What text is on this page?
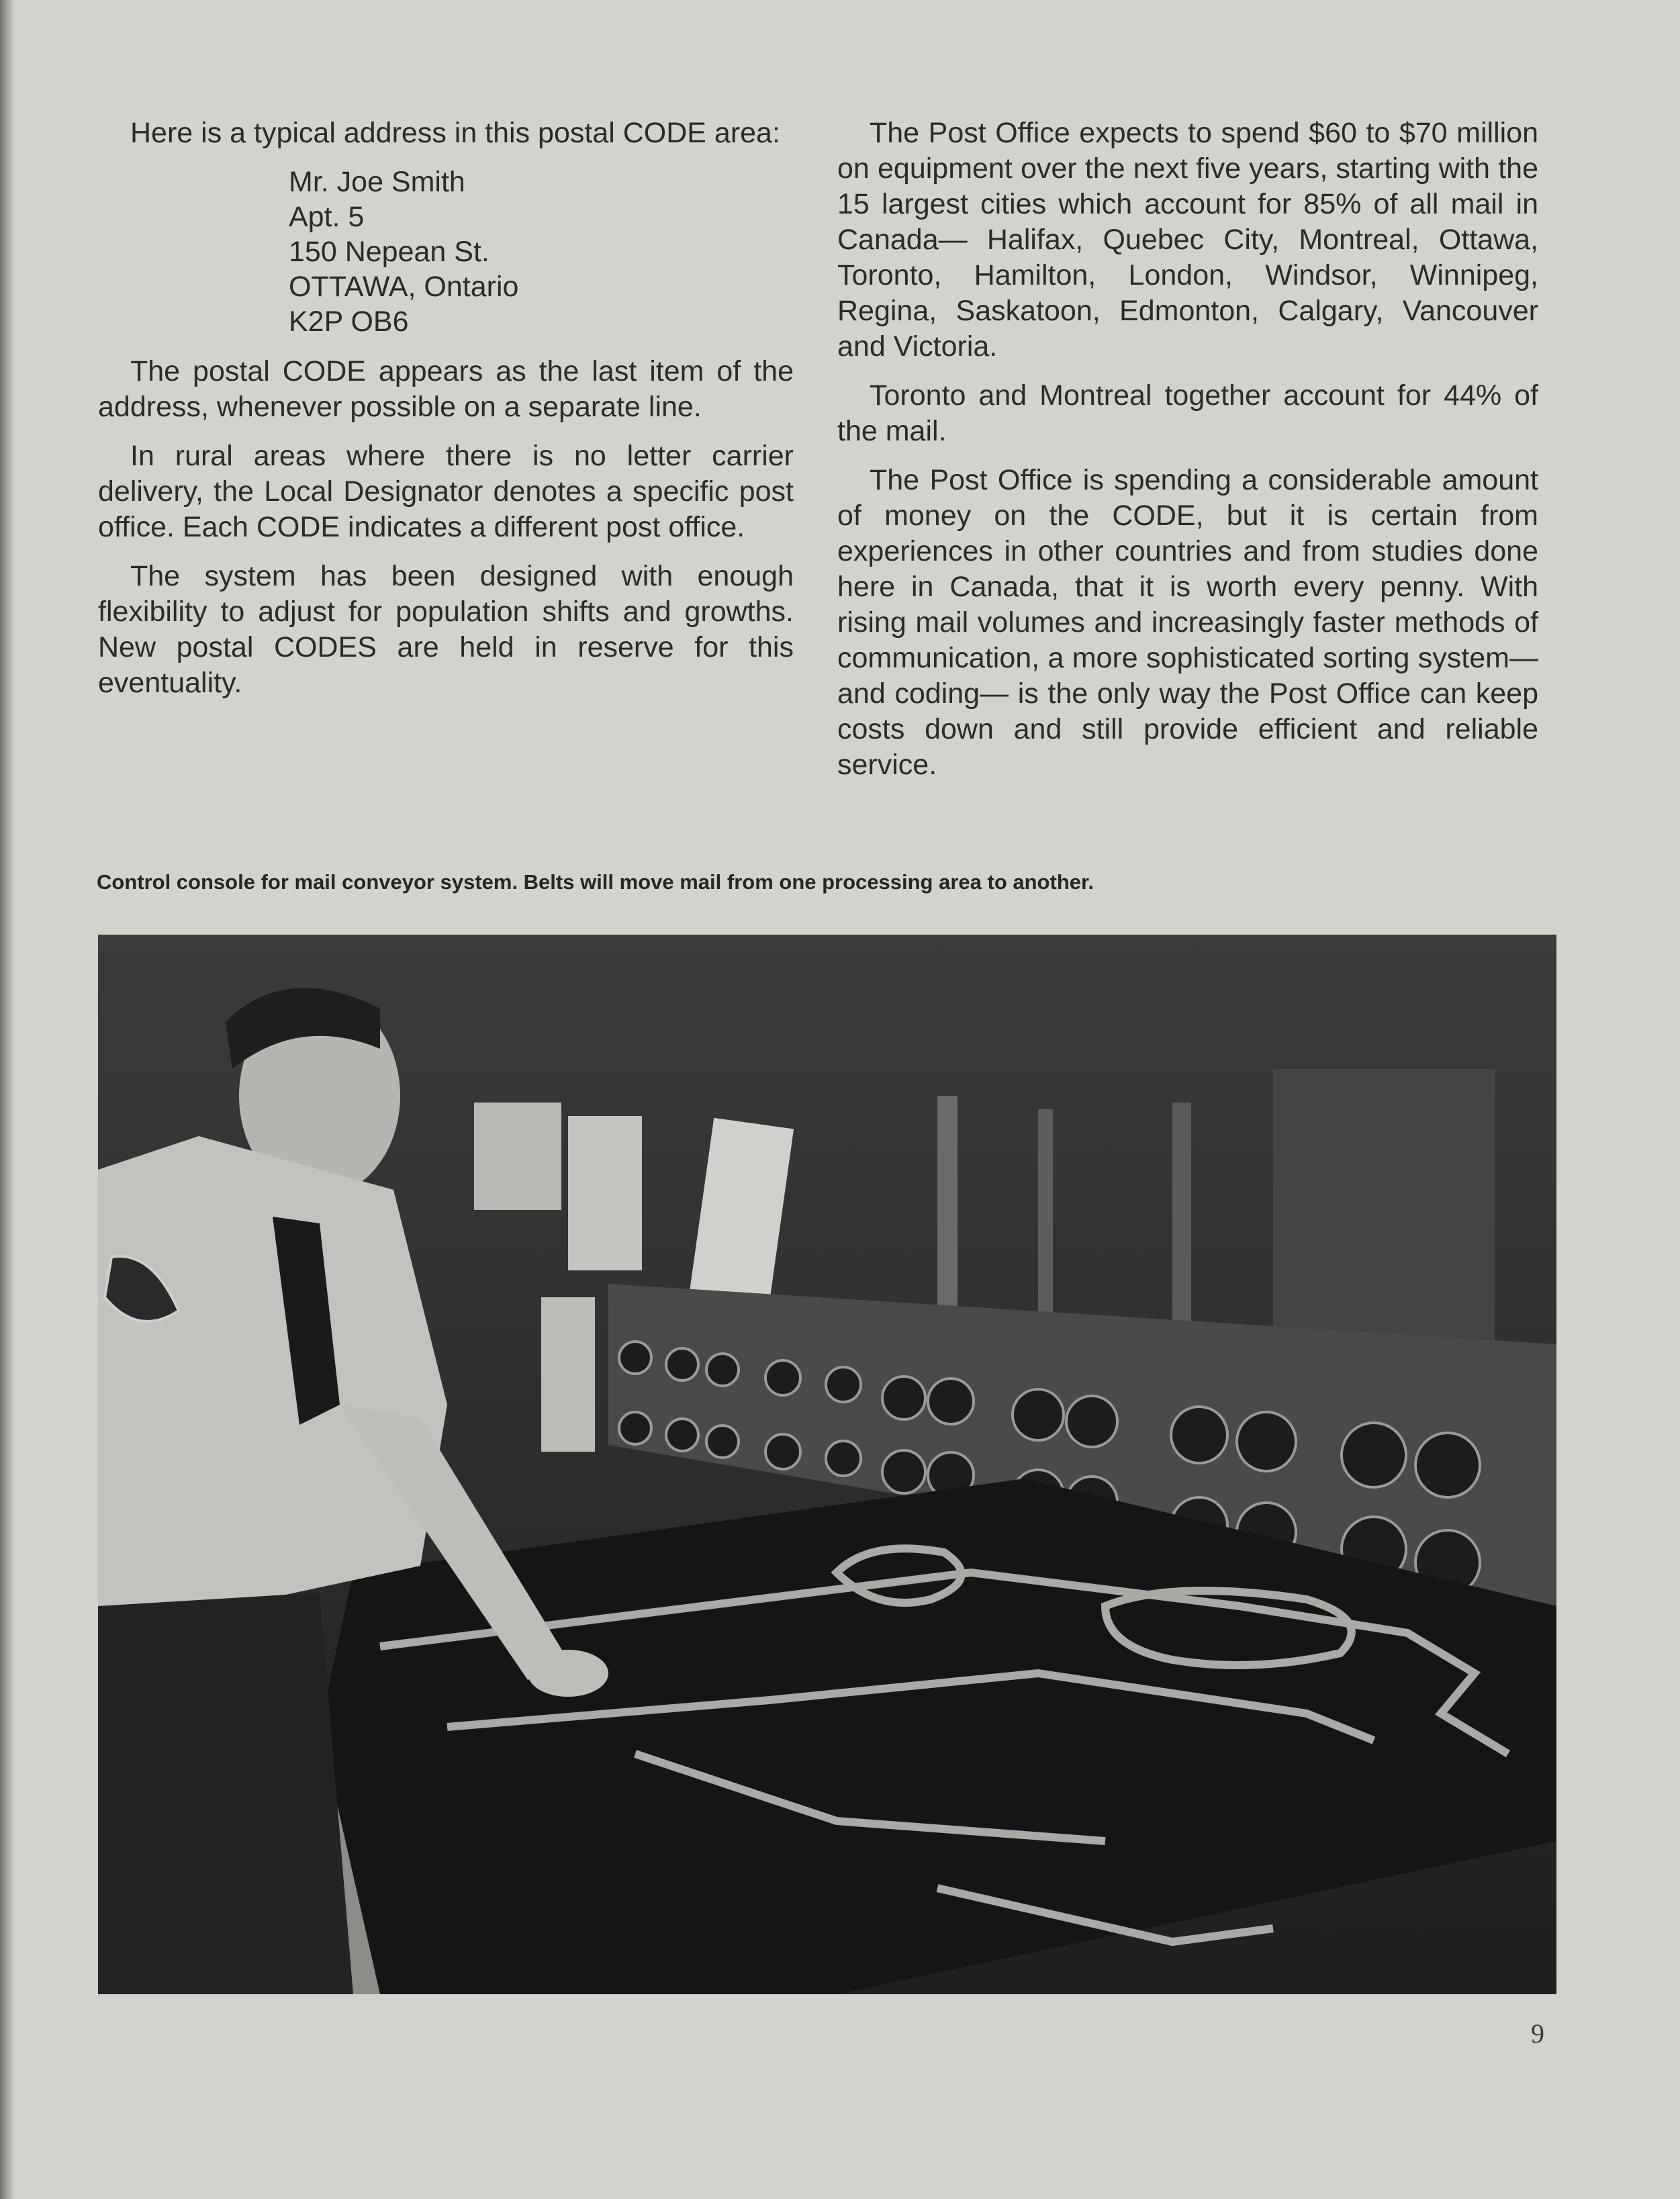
Here is a typical address in this postal CODE area:

Mr. Joe Smith
Apt. 5
150 Nepean St.
OTTAWA, Ontario
K2P OB6

The postal CODE appears as the last item of the address, whenever possible on a separate line.

In rural areas where there is no letter carrier delivery, the Local Designator denotes a specific post office. Each CODE indicates a different post office.

The system has been designed with enough flexibility to adjust for population shifts and growths. New postal CODES are held in reserve for this eventuality.

The Post Office expects to spend $60 to $70 million on equipment over the next five years, starting with the 15 largest cities which account for 85% of all mail in Canada— Halifax, Quebec City, Montreal, Ottawa, Toronto, Hamilton, London, Windsor, Winnipeg, Regina, Saskatoon, Edmonton, Calgary, Vancouver and Victoria.

Toronto and Montreal together account for 44% of the mail.

The Post Office is spending a considerable amount of money on the CODE, but it is certain from experiences in other countries and from studies done here in Canada, that it is worth every penny. With rising mail volumes and increasingly faster methods of communication, a more sophisticated sorting system—and coding— is the only way the Post Office can keep costs down and still provide efficient and reliable service.

Control console for mail conveyor system. Belts will move mail from one processing area to another.
9
